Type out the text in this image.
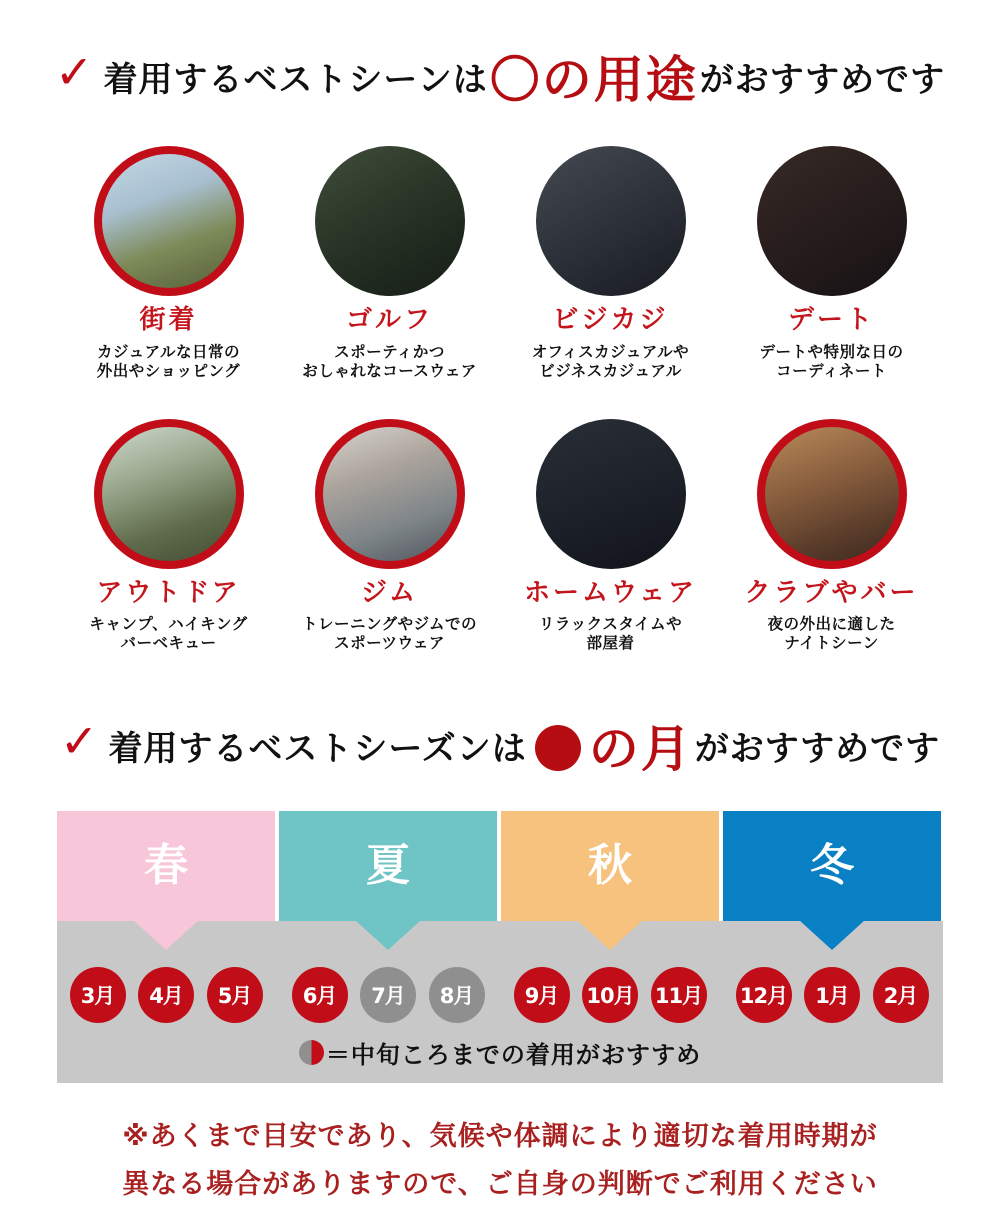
✓ 着用するベストシーンは 〇の用途 がおすすめです
街着
カジュアルな日常の
外出やショッピング
ゴルフ
スポーティかつ
おしゃれなコースウェア
ビジカジ
オフィスカジュアルや
ビジネスカジュアル
デート
デートや特別な日の
コーディネート
アウトドア
キャンプ、ハイキング
バーベキュー
ジム
トレーニングやジムでの
スポーツウェア
ホームウェア
リラックスタイムや
部屋着
クラブやバー
夜の外出に適した
ナイトシーン
✓ 着用するベストシーズンは の月 がおすすめです
春	夏	秋	冬
3月	4月	5月	6月	7月	8月	9月	10月 11月 12月	1月	2月
＝中旬ころまでの着用がおすすめ
※あくまで目安であり、気候や体調により適切な着用時期が
異なる場合がありますので、ご自身の判断でご利用ください
